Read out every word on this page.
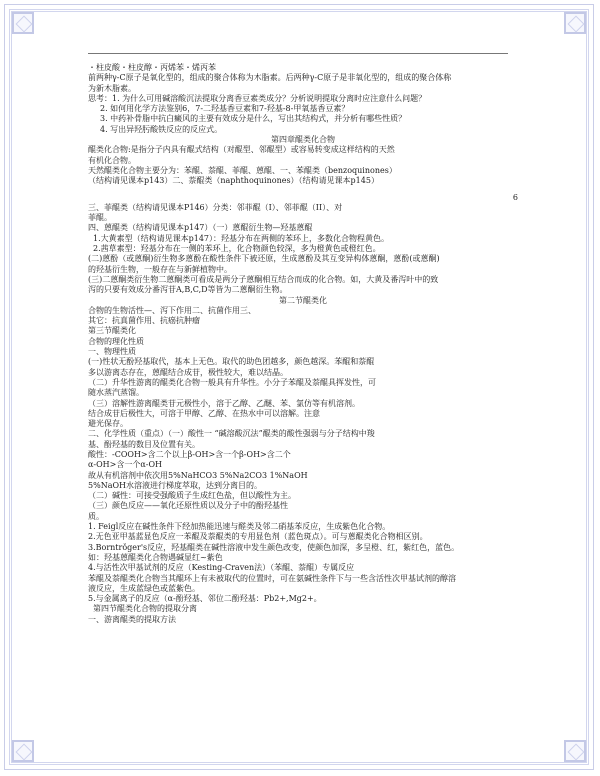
・柱皮酸・柱皮醇・丙烯苯・烯丙苯

前两种γ-C原子是氧化型的，组成的聚合体称为木脂素。后两种γ-C原子是非氧化型的，组成的聚合体称

为新木脂素。

思考：1. 为什么可用碱溶酸沉法提取分离香豆素类成分？分析说明提取分离时应注意什么问题？

2. 如何用化学方法鉴别6，7-二羟基香豆素和7-羟基-8-甲氧基香豆素？

3. 中药补骨脂中抗白癜风的主要有效成分是什么，写出其结构式，并分析有哪些性质？

4. 写出异羟肟酸铁反应的反应式。

第四章醌类化合物

醌类化合物:是指分子内具有醌式结构（对醌型、邻醌型）或容易转变成这样结构的天然

有机化合物。

天然醌类化合物主要分为：苯醌、萘醌、菲醌、蒽醌、一、苯醌类（benzoquinones）

（结构请见课本p143）二、萘醌类（naphthoquinones）（结构请见课本p145）

6

三、菲醌类（结构请见课本P146）分类：邻菲醌（I）、邻菲醌（II）、对

菲醌。

四、蒽醌类（结构请见课本p147）（一）蒽醌衍生物—羟基蒽醌

1.大黄素型（结构请见课本p147）：羟基分布在两侧的苯环上，多数化合物程黄色。

2.茜草素型：羟基分布在一侧的苯环上，化合物颜色较深，多为橙黄色或橙红色。

(二)蒽酚（或蒽酮)衍生物多蒽酚在酸性条件下被还原，生成蒽酚及其互变异构体蒽酮，蒽酚(或蒽酮)

的羟基衍生物，一般存在与新鲜植物中。

(三)二蒽酮类衍生物二蒽酮类可看成是两分子蒽酮相互结合而成的化合物。如，大黄及番泻叶中的致

泻的只要有效成分番泻苷A,B,C,D等皆为二蒽酮衍生物。

第二节醌类化

合物的生物活性—、泻下作用二、抗菌作用三、

其它：抗真菌作用、抗癌抗肿瘤

第三节醌类化

合物的理化性质

一、物理性质

(一)性状无酚羟基取代，基本上无色。取代的助色团越多，颜色越深。苯醌和萘醌

多以游离态存在，蒽醌结合成苷，极性较大，难以结晶。

（二）升华性游离的醌类化合物一般具有升华性。小分子苯醌及萘醌具挥发性，可

随水蒸汽蒸馏。

（三）溶解性游离醌类苷元极性小，溶于乙醇、乙醚、苯、氯仿等有机溶剂。

结合成苷后极性大，可溶于甲醇、乙醇、在热水中可以溶解。注意

避光保存。

二、化学性质（重点）（一）酸性一 “碱溶酸沉法”醌类的酸性强弱与分子结构中羧

基、酚羟基的数目及位置有关。

酸性：-COOH>含二个以上β-OH>含一个β-OH>含二个

α-OH>含一个α-OH

故从有机溶剂中依次用5%NaHCO3 5%Na2CO3 1%NaOH

5%NaOH水溶液进行梯度萃取，达到分离目的。

（二）碱性：可接受强酸质子生成红色盐，但以酸性为主。

（三）颜色反应——氧化还原性质以及分子中的酚羟基性

质。

1. Feigl反应在碱性条件下经加热能迅速与醛类及邻二硝基苯反应，生成紫色化合物。

2.无色亚甲基蓝显色反应一苯醌及萘醌类的专用显色剂（蓝色斑点）。可与蒽醌类化合物相区别。

3.Borntrǒger's反应，羟基醌类在碱性溶液中发生颜色改变，使颜色加深，多呈橙、红，紫红色，蓝色。

如：羟基蒽醌类化合物遇碱显红~紫色

4.与活性次甲基试剂的反应（Kesting-Craven法）（苯醌、萘醌）专属反应

苯醌及萘醌类化合物当其醌环上有未被取代的位置时，可在氨碱性条件下与一些含活性次甲基试剂的醇溶

液反应，生成蓝绿色或蓝紫色。

5.与金属离子的反应（α-酚羟基、邻位二酚羟基：Pb2+,Mg2+。

第四节醌类化合物的提取分离

一、游离醌类的提取方法
